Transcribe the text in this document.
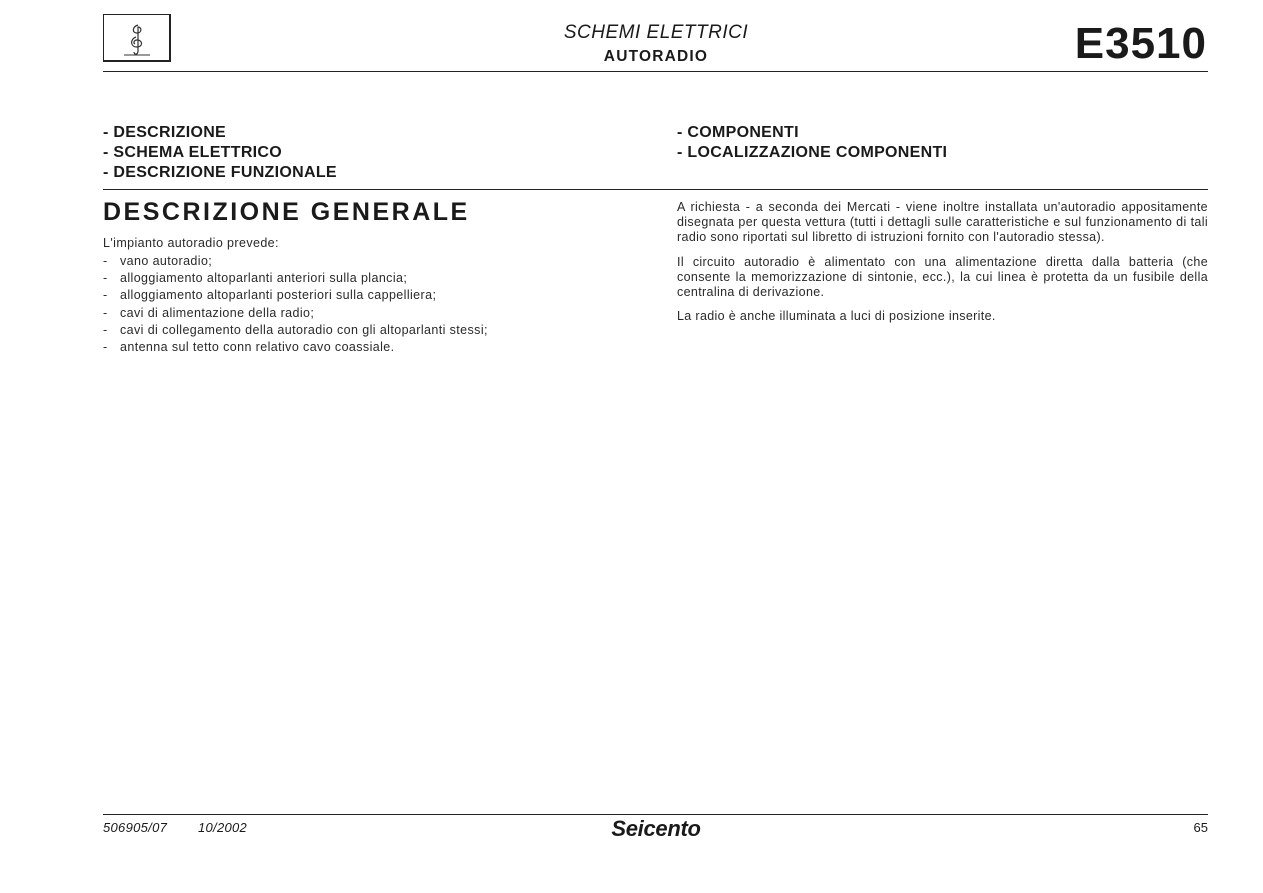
SCHEMI ELETTRICI
AUTORADIO	E3510
- DESCRIZIONE
- SCHEMA ELETTRICO
- DESCRIZIONE FUNZIONALE
- COMPONENTI
- LOCALIZZAZIONE COMPONENTI
DESCRIZIONE GENERALE
L'impianto autoradio prevede:
- vano autoradio;
- alloggiamento altoparlanti anteriori sulla plancia;
- alloggiamento altoparlanti posteriori sulla cappelliera;
- cavi di alimentazione della radio;
- cavi di collegamento della autoradio con gli altoparlanti stessi;
- antenna sul tetto conn relativo cavo coassiale.

A richiesta - a seconda dei Mercati - viene inoltre installata un'autoradio appositamente disegnata per questa vettura (tutti i dettagli sulle caratteristiche e sul funzionamento di tali radio sono riportati sul libretto di istruzioni fornito con l'autoradio stessa).

Il circuito autoradio è alimentato con una alimentazione diretta dalla batteria (che consente la memorizzazione di sintonie, ecc.), la cui linea è protetta da un fusibile della centralina di derivazione.

La radio è anche illuminata a luci di posizione inserite.

506905/07 10/2002	Seicento	65
